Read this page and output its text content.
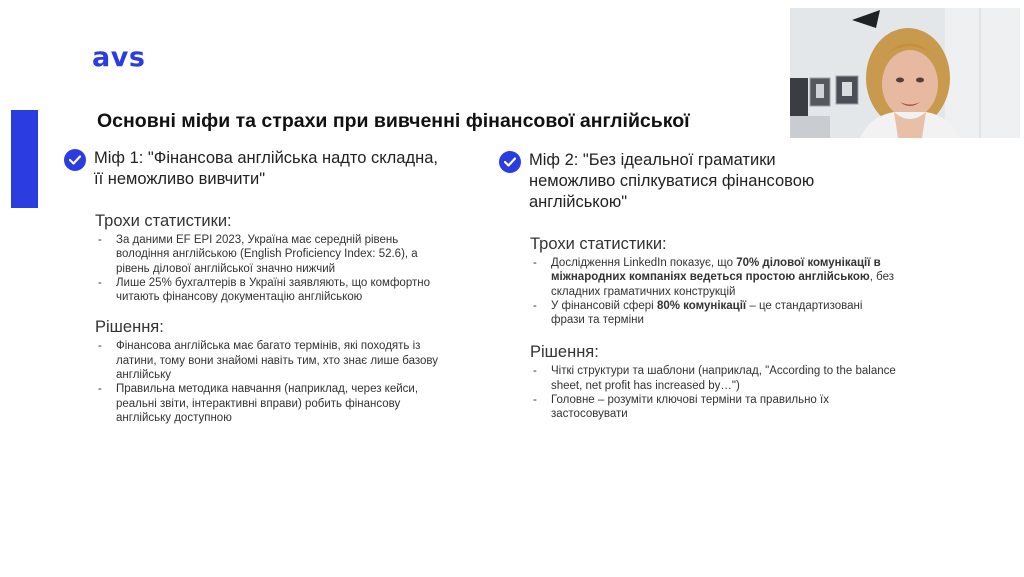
avs
Основні міфи та страхи при вивченні фінансової англійської
Міф 1: "Фінансова англійська надто складна, її неможливо вивчити"
Трохи статистики:
- За даними EF EPI 2023, Україна має середній рівень володіння англійською (English Proficiency Index: 52.6), а рівень ділової англійської значно нижчий
- Лише 25% бухгалтерів в Україні заявляють, що комфортно читають фінансову документацію англійською
Рішення:
- Фінансова англійська має багато термінів, які походять із латини, тому вони знайомі навіть тим, хто знає лише базову англійську
- Правильна методика навчання (наприклад, через кейси, реальні звіти, інтерактивні вправи) робить фінансову англійську доступною
Міф 2: "Без ідеальної граматики неможливо спілкуватися фінансовою англійською"
Трохи статистики:
- Дослідження LinkedIn показує, що 70% ділової комунікації в міжнародних компаніях ведеться простою англійською, без складних граматичних конструкцій
- У фінансовій сфері 80% комунікації – це стандартизовані фрази та терміни
Рішення:
- Чіткі структури та шаблони (наприклад, "According to the balance sheet, net profit has increased by…")
- Головне – розуміти ключові терміни та правильно їх застосовувати
